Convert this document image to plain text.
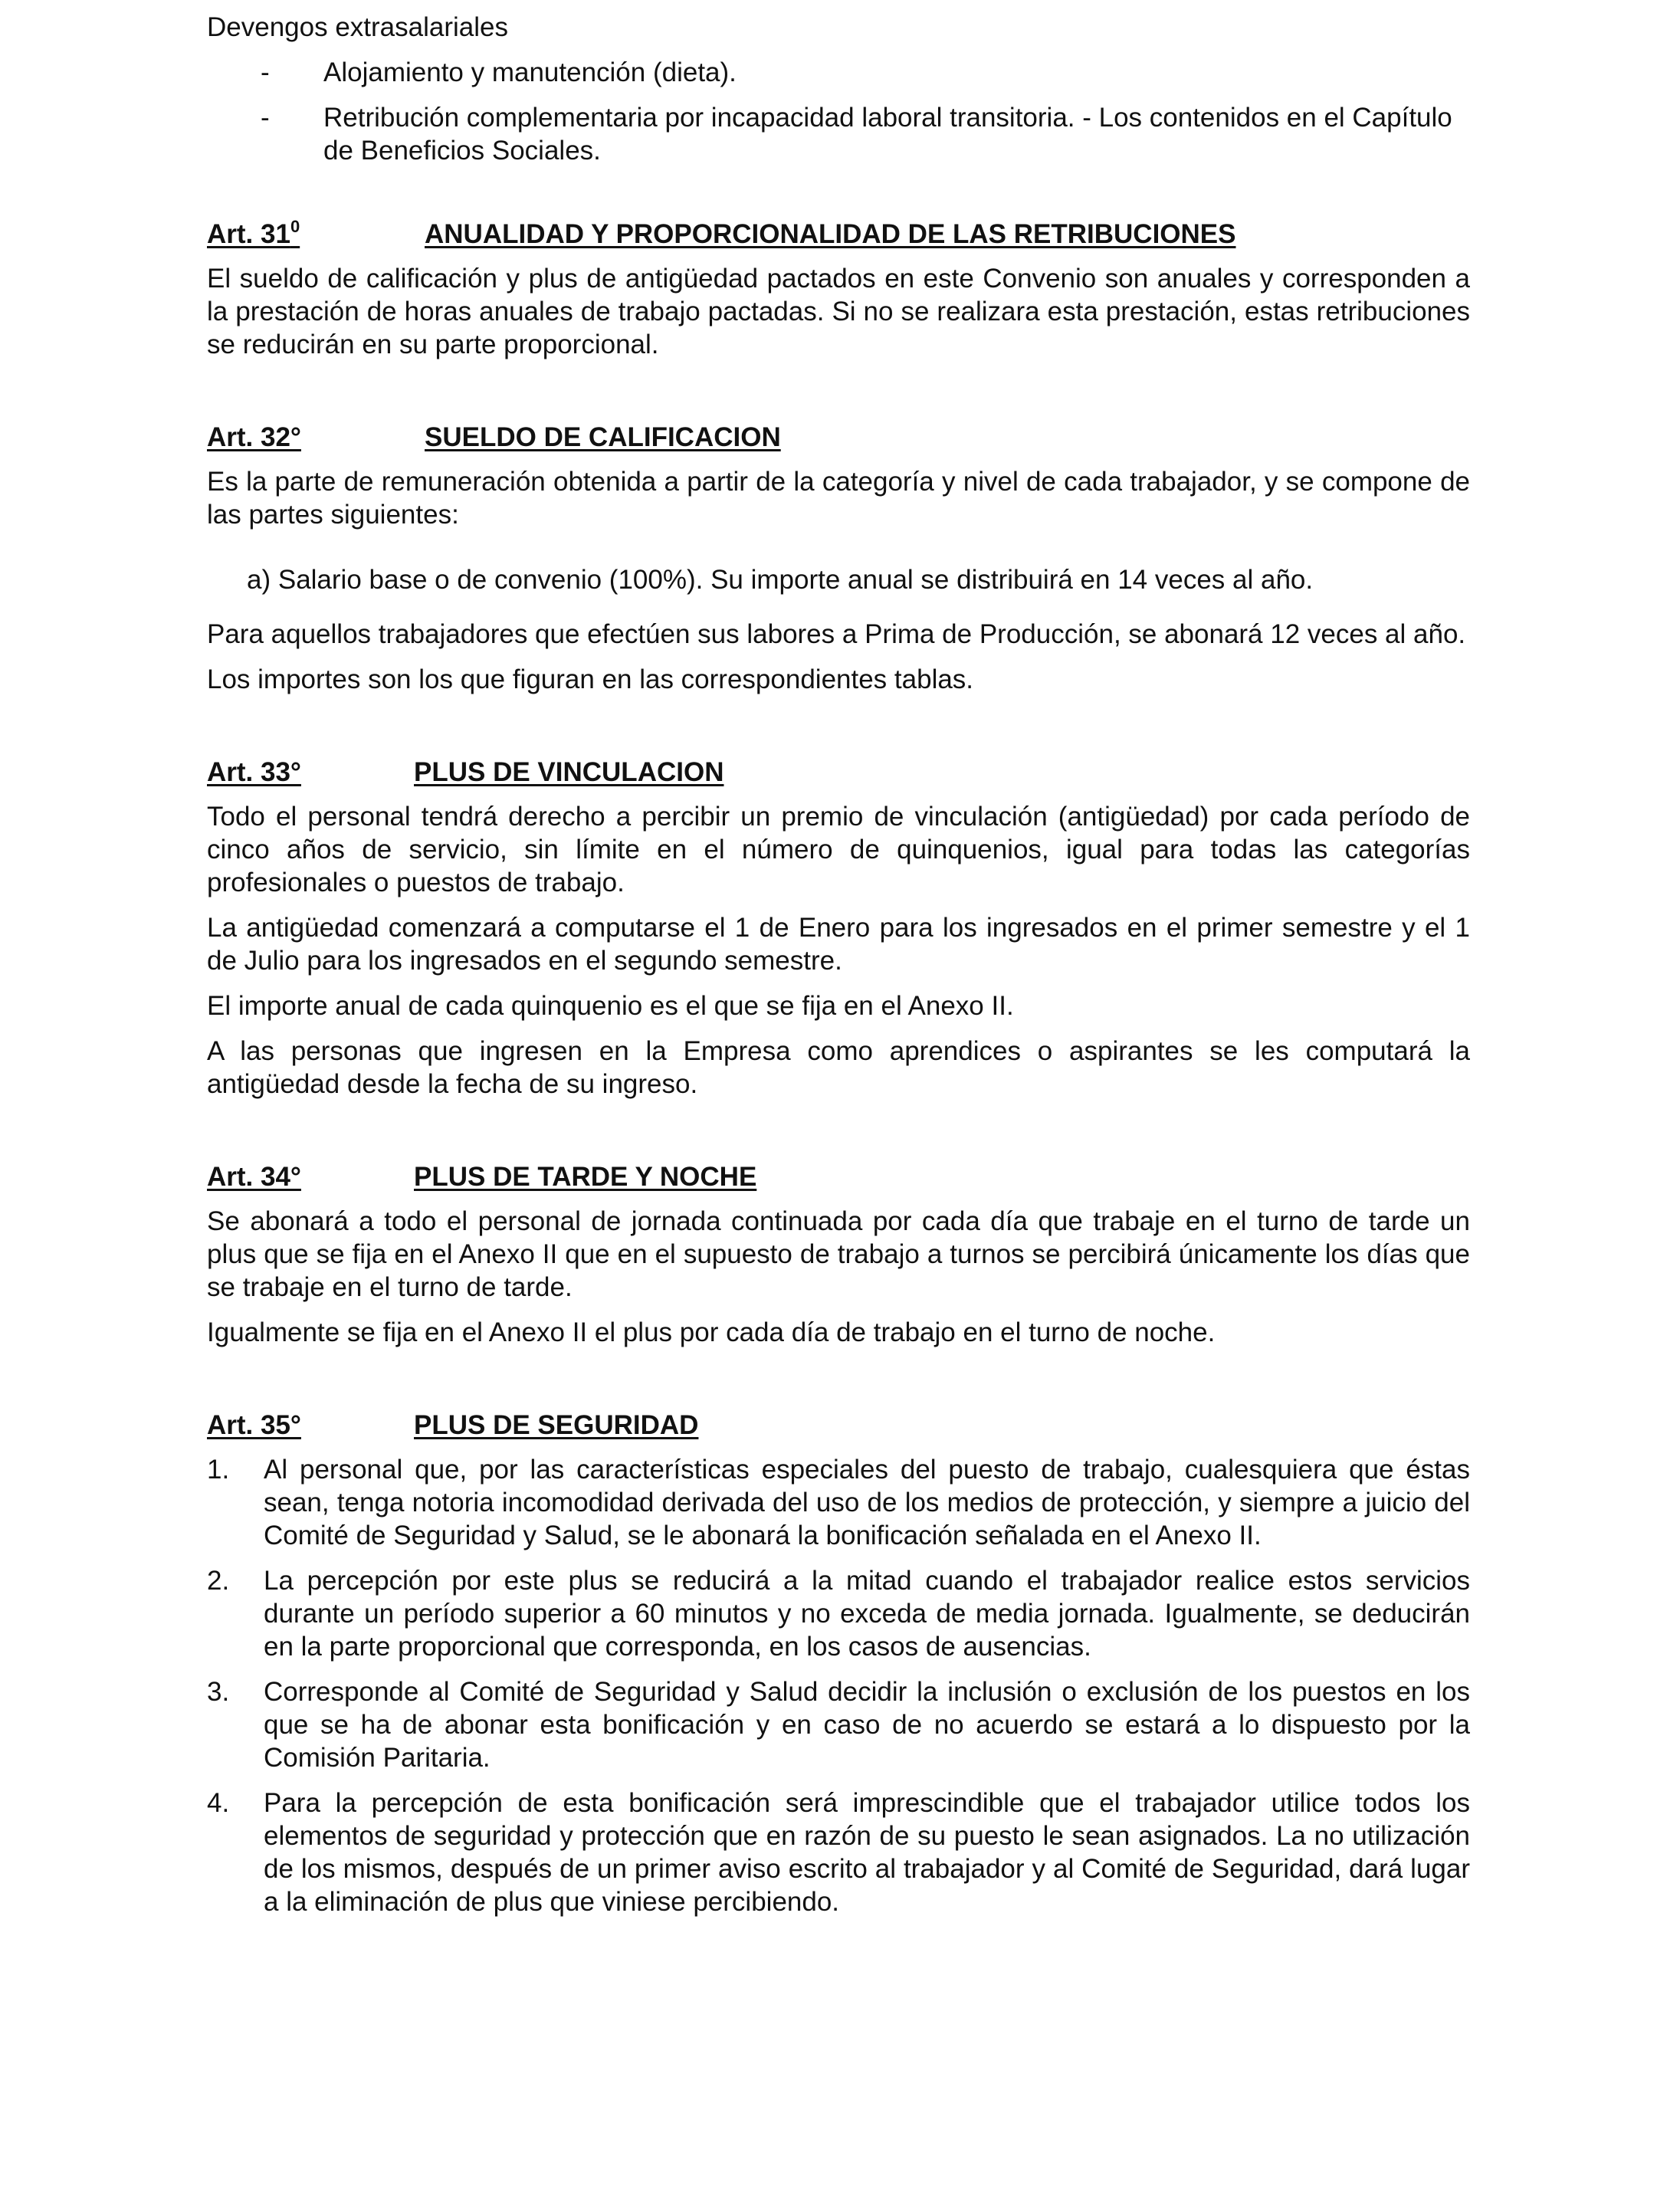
Devengos extrasalariales

- Alojamiento y manutención (dieta).

- Retribución complementaria por incapacidad laboral transitoria. - Los contenidos en el Capítulo de Beneficios Sociales.

Art. $31^0$	ANUALIDAD Y PROPORCIONALIDAD DE LAS RETRIBUCIONES

El sueldo de calificación y plus de antigüedad pactados en este Convenio son anuales y corresponden a la prestación de horas anuales de trabajo pactadas. Si no se realizara esta prestación, estas retribuciones se reducirán en su parte proporcional.

Art. 32°	SUELDO DE CALIFICACION

Es la parte de remuneración obtenida a partir de la categoría y nivel de cada trabajador, y se compone de las partes siguientes:

a) Salario base o de convenio (100%). Su importe anual se distribuirá en 14 veces al año.

Para aquellos trabajadores que efectúen sus labores a Prima de Producción, se abonará 12 veces al año.

Los importes son los que figuran en las correspondientes tablas.

Art. 33°	PLUS DE VINCULACION

Todo el personal tendrá derecho a percibir un premio de vinculación (antigüedad) por cada período de cinco años de servicio, sin límite en el número de quinquenios, igual para todas las categorías profesionales o puestos de trabajo.

La antigüedad comenzará a computarse el 1 de Enero para los ingresados en el primer semestre y el 1 de Julio para los ingresados en el segundo semestre.

El importe anual de cada quinquenio es el que se fija en el Anexo II.

A las personas que ingresen en la Empresa como aprendices o aspirantes se les computará la antigüedad desde la fecha de su ingreso.

Art. 34°	PLUS DE TARDE Y NOCHE

Se abonará a todo el personal de jornada continuada por cada día que trabaje en el turno de tarde un plus que se fija en el Anexo II que en el supuesto de trabajo a turnos se percibirá únicamente los días que se trabaje en el turno de tarde.

Igualmente se fija en el Anexo II el plus por cada día de trabajo en el turno de noche.

Art. 35°	PLUS DE SEGURIDAD
1. Al personal que, por las características especiales del puesto de trabajo, cualesquiera que éstas sean, tenga notoria incomodidad derivada del uso de los medios de protección, y siempre a juicio del Comité de Seguridad y Salud, se le abonará la bonificación señalada en el Anexo II.

2. La percepción por este plus se reducirá a la mitad cuando el trabajador realice estos servicios durante un período superior a 60 minutos y no exceda de media jornada. Igualmente, se deducirán en la parte proporcional que corresponda, en los casos de ausencias.

3. Corresponde al Comité de Seguridad y Salud decidir la inclusión o exclusión de los puestos en los que se ha de abonar esta bonificación y en caso de no acuerdo se estará a lo dispuesto por la Comisión Paritaria.

4. Para la percepción de esta bonificación será imprescindible que el trabajador utilice todos los elementos de seguridad y protección que en razón de su puesto le sean asignados. La no utilización de los mismos, después de un primer aviso escrito al trabajador y al Comité de Seguridad, dará lugar a la eliminación de plus que viniese percibiendo.
